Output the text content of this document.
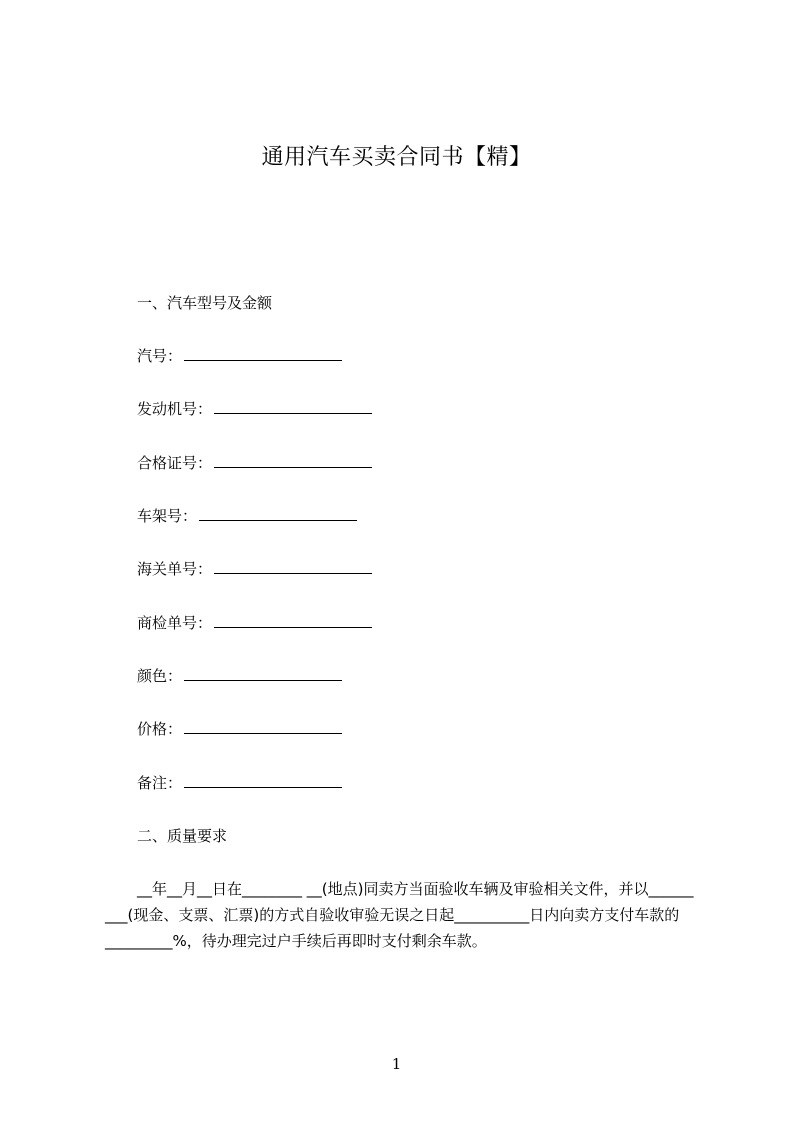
通用汽车买卖合同书【精】
一、汽车型号及金额
汽号：
发动机号：
合格证号：
车架号：
海关单号：
商检单号：
颜色：
价格：
备注：
二、质量要求
__年__月__日在________ __(地点)同卖方当面验收车辆及审验相关文件，并以______ ___(现金、支票、汇票)的方式自验收审验无误之日起__________日内向卖方支付车款的_________%，待办理完过户手续后再即时支付剩余车款。
1
